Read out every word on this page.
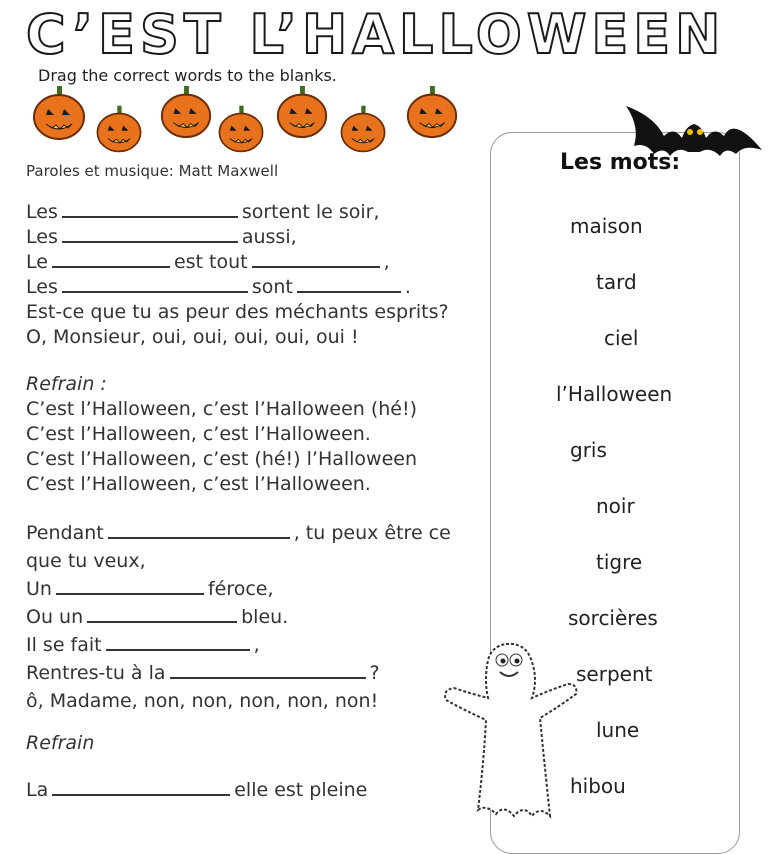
C’EST L’HALLOWEEN
Drag the correct words to the blanks.
Paroles et musique: Matt Maxwell
Les	sortent le soir,
Les	aussi,
Le	est tout	,
Les	sont	.
Est-ce que tu as peur des méchants esprits?
O, Monsieur, oui, oui, oui, oui, oui !
Refrain :
C’est l’Halloween, c’est l’Halloween (hé!)
C’est l’Halloween, c’est l’Halloween.
C’est l’Halloween, c’est (hé!) l’Halloween
C’est l’Halloween, c’est l’Halloween.
Pendant	, tu peux être ce
que tu veux,
Un	féroce,
Ou un	bleu.
Il se fait	,
Rentres-tu à la	?
ô, Madame, non, non, non, non, non!
Refrain
La	elle est pleine
Les mots:
maison
tard
ciel
l’Halloween
gris
noir
tigre
sorcières
serpent
lune
hibou
